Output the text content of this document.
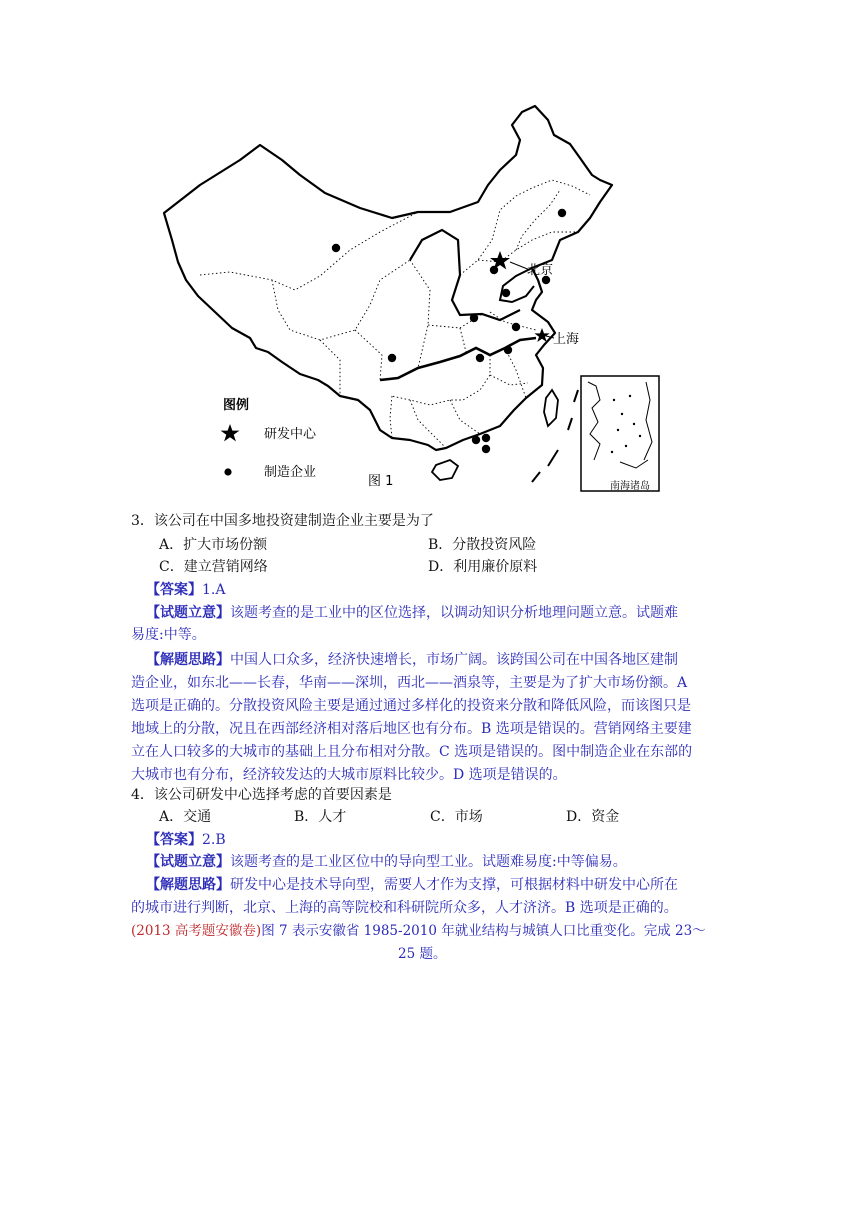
南海诸岛
北京
上海
图例
研发中心
制造企业
图 1
3．该公司在中国多地投资建制造企业主要是为了
A．扩大市场份额	B．分散投资风险
C．建立营销网络	D．利用廉价原料
【答案】1.A
【试题立意】该题考查的是工业中的区位选择，以调动知识分析地理问题立意。试题难
易度:中等。
【解题思路】中国人口众多，经济快速增长，市场广阔。该跨国公司在中国各地区建制
造企业，如东北——长春，华南——深圳，西北——酒泉等，主要是为了扩大市场份额。A
选项是正确的。分散投资风险主要是通过通过多样化的投资来分散和降低风险，而该图只是
地域上的分散，况且在西部经济相对落后地区也有分布。B 选项是错误的。营销网络主要建
立在人口较多的大城市的基础上且分布相对分散。C 选项是错误的。图中制造企业在东部的
大城市也有分布，经济较发达的大城市原料比较少。D 选项是错误的。
4．该公司研发中心选择考虑的首要因素是
A．交通	B．人才	C．市场	D．资金
【答案】2.B
【试题立意】该题考查的是工业区位中的导向型工业。试题难易度:中等偏易。
【解题思路】研发中心是技术导向型，需要人才作为支撑，可根据材料中研发中心所在
的城市进行判断，北京、上海的高等院校和科研院所众多，人才济济。B 选项是正确的。
(2013 高考题安徽卷)图 7 表示安徽省 1985-2010 年就业结构与城镇人口比重变化。完成 23～
25 题。
